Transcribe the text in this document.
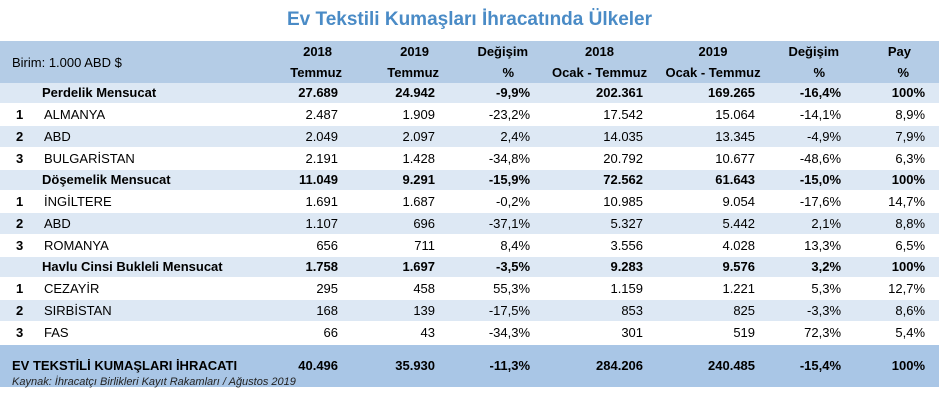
Ev Tekstili Kumaşları İhracatında Ülkeler
Birim: 1.000 ABD $		2018	2019	Değişim	2018	2019	Değişim	Pay
		Temmuz	Temmuz	%	Ocak - Temmuz	Ocak - Temmuz	%	%
Perdelik Mensucat		27.689	24.942	-9,9%	202.361	169.265	-16,4%	100%
1	ALMANYA	2.487	1.909	-23,2%	17.542	15.064	-14,1%	8,9%
2	ABD	2.049	2.097	2,4%	14.035	13.345	-4,9%	7,9%
3	BULGARİSTAN	2.191	1.428	-34,8%	20.792	10.677	-48,6%	6,3%
Döşemelik Mensucat		11.049	9.291	-15,9%	72.562	61.643	-15,0%	100%
1	İNGİLTERE	1.691	1.687	-0,2%	10.985	9.054	-17,6%	14,7%
2	ABD	1.107	696	-37,1%	5.327	5.442	2,1%	8,8%
3	ROMANYA	656	711	8,4%	3.556	4.028	13,3%	6,5%
Havlu Cinsi Bukleli Mensucat		1.758	1.697	-3,5%	9.283	9.576	3,2%	100%
1	CEZAYİR	295	458	55,3%	1.159	1.221	5,3%	12,7%
2	SIRBİSTAN	168	139	-17,5%	853	825	-3,3%	8,6%
3	FAS	66	43	-34,3%	301	519	72,3%	5,4%
EV TEKSTİLİ KUMAŞLARI İHRACATI		40.496	35.930	-11,3%	284.206	240.485	-15,4%	100%
Kaynak: İhracatçı Birlikleri Kayıt Rakamları / Ağustos 2019
